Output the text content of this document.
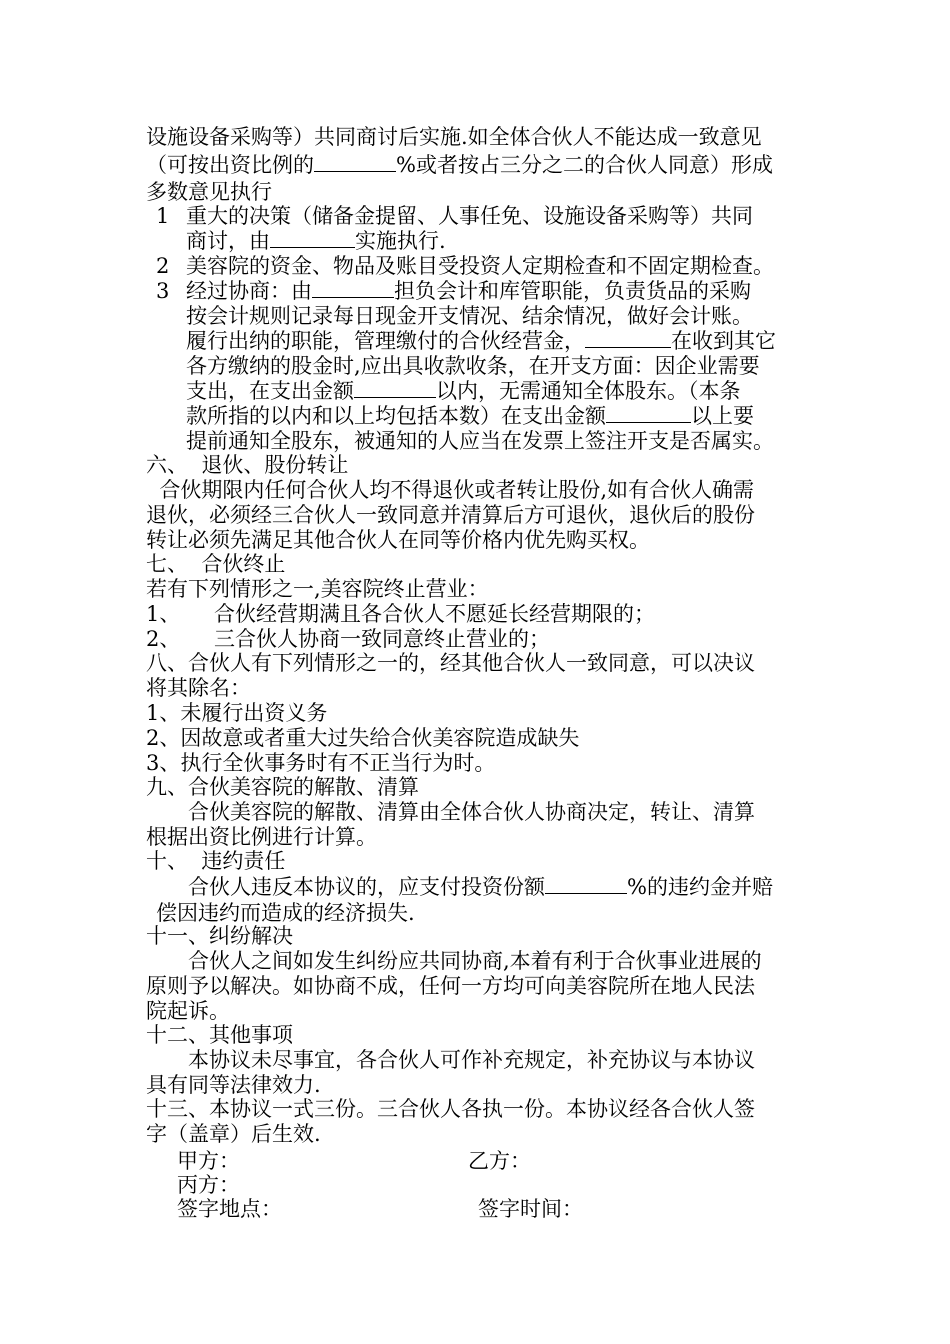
设施设备采购等）共同商讨后实施.如全体合伙人不能达成一致意见
（可按出资比例的	%或者按占三分之二的合伙人同意）形成
多数意见执行
1 重大的决策（储备金提留、人事任免、设施设备采购等）共同
商讨，由	实施执行.
2 美容院的资金、物品及账目受投资人定期检查和不固定期检查。
3 经过协商：由	担负会计和库管职能，负责货品的采购
按会计规则记录每日现金开支情况、结余情况，做好会计账。
履行出纳的职能，管理缴付的合伙经营金，	在收到其它
各方缴纳的股金时,应出具收款收条，在开支方面：因企业需要
支出，在支出金额	以内，无需通知全体股东。（本条
款所指的以内和以上均包括本数）在支出金额	以上要
提前通知全股东，被通知的人应当在发票上签注开支是否属实。
六、  退伙、股份转让
合伙期限内任何合伙人均不得退伙或者转让股份,如有合伙人确需
退伙，必须经三合伙人一致同意并清算后方可退伙，退伙后的股份
转让必须先满足其他合伙人在同等价格内优先购买权。
七、  合伙终止
若有下列情形之一,美容院终止营业：
1、 合伙经营期满且各合伙人不愿延长经营期限的；
2、 三合伙人协商一致同意终止营业的；
八、合伙人有下列情形之一的，经其他合伙人一致同意，可以决议
将其除名：
1、未履行出资义务
2、因故意或者重大过失给合伙美容院造成缺失
3、执行全伙事务时有不正当行为时。
九、合伙美容院的解散、清算
合伙美容院的解散、清算由全体合伙人协商决定，转让、清算
根据出资比例进行计算。
十、  违约责任
合伙人违反本协议的，应支付投资份额	%的违约金并赔
偿因违约而造成的经济损失.
十一、纠纷解决
合伙人之间如发生纠纷应共同协商,本着有利于合伙事业进展的
原则予以解决。如协商不成，任何一方均可向美容院所在地人民法
院起诉。
十二、其他事项
本协议未尽事宜，各合伙人可作补充规定，补充协议与本协议
具有同等法律效力.
十三、本协议一式三份。三合伙人各执一份。本协议经各合伙人签
字（盖章）后生效.
甲方：	乙方：
丙方：
签字地点：	签字时间：
